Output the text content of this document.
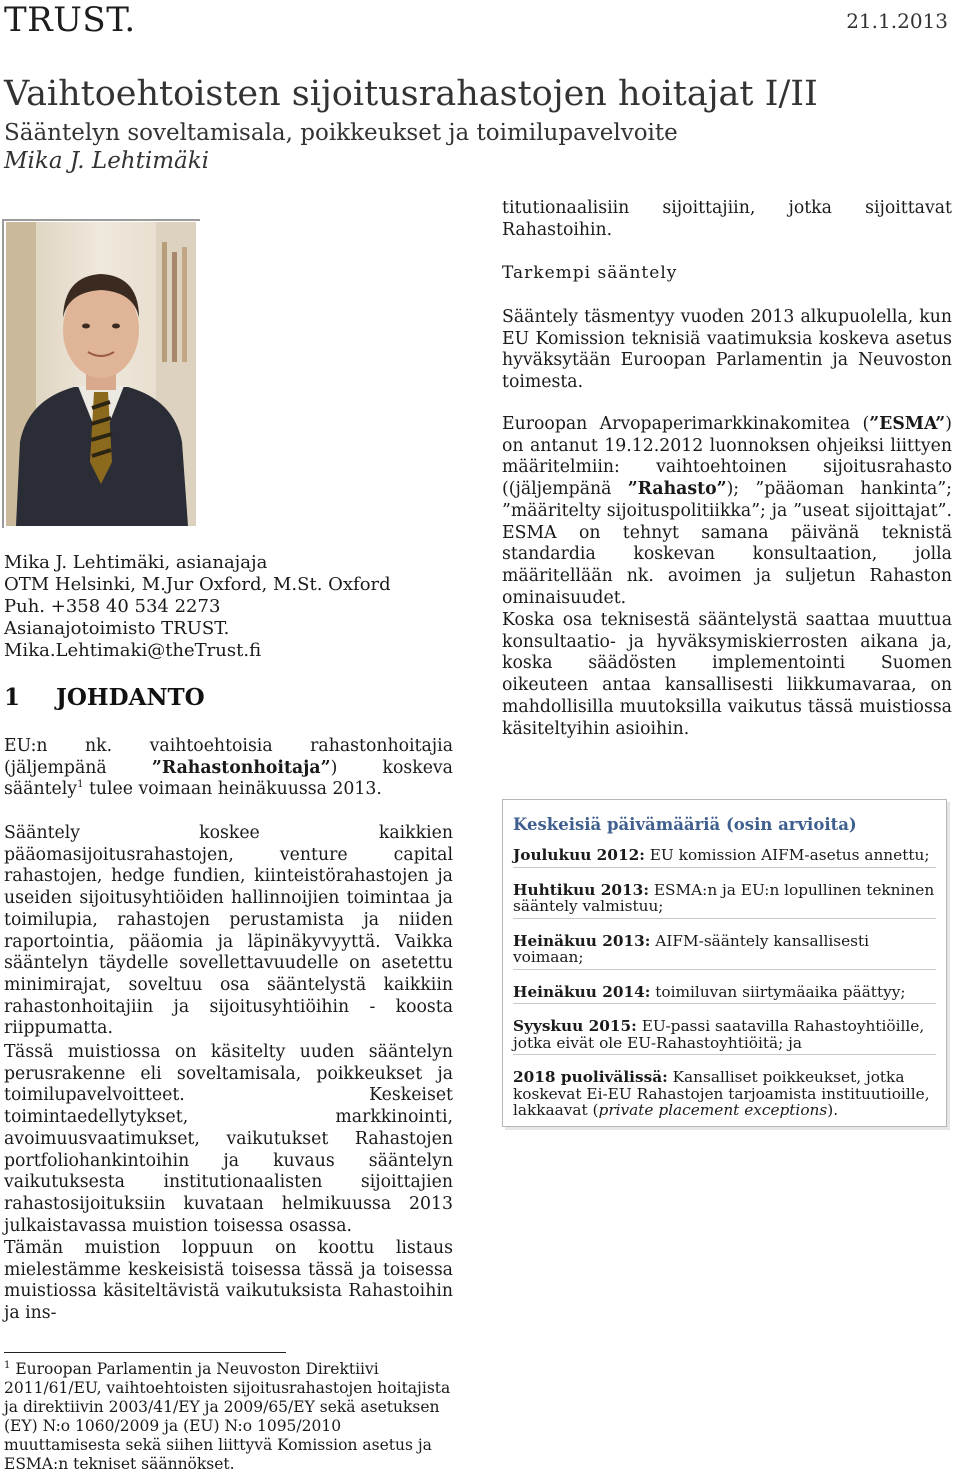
TRUST.	21.1.2013
Vaihtoehtoisten sijoitusrahastojen hoitajat I/II
Sääntelyn soveltamisala, poikkeukset ja toimilupavelvoite
Mika J. Lehtimäki
Mika J. Lehtimäki, asianajaja
OTM Helsinki, M.Jur Oxford, M.St. Oxford
Puh. +358 40 534 2273
Asianajotoimisto TRUST.
Mika.Lehtimaki@theTrust.fi
1 JOHDANTO

EU:n nk. vaihtoehtoisia rahastonhoitajia (jäljempänä ”Rahastonhoitaja”) koskeva sääntely$^1$ tulee voimaan heinäkuussa 2013.

Sääntely koskee kaikkien pääomasijoitusrahastojen, venture capital rahastojen, hedge fundien, kiinteistörahastojen ja useiden sijoitusyhtiöiden hallinnoijien toimintaa ja toimilupia, rahastojen perustamista ja niiden raportointia, pääomia ja läpinäkyvyyttä. Vaikka sääntelyn täydelle sovellettavuudelle on asetettu minimirajat, soveltuu osa sääntelystä kaikkiin rahastonhoitajiin ja sijoitusyhtiöihin - koosta riippumatta.

Tässä muistiossa on käsitelty uuden sääntelyn perusrakenne eli soveltamisala, poikkeukset ja toimilupavelvoitteet. Keskeiset toimintaedellytykset, markkinointi, avoimuusvaatimukset, vaikutukset Rahastojen portfoliohankintoihin ja kuvaus sääntelyn vaikutuksesta institutionaalisten sijoittajien rahastosijoituksiin kuvataan helmikuussa 2013 julkaistavassa muistion toisessa osassa.

Tämän muistion loppuun on koottu listaus mielestämme keskeisistä toisessa tässä ja toisessa muistiossa käsiteltävistä vaikutuksista Rahastoihin ja ins-

$^1$ Euroopan Parlamentin ja Neuvoston Direktiivi 2011/61/EU, vaihtoehtoisten sijoitusrahastojen hoitajista ja direktiivin 2003/41/EY ja 2009/65/EY sekä asetuksen (EY) N:o 1060/2009 ja (EU) N:o 1095/2010 muuttamisesta sekä siihen liittyvä Komission asetus ja ESMA:n tekniset säännökset.

titutionaalisiin sijoittajiin, jotka sijoittavat Rahastoihin.

Tarkempi sääntely

Sääntely täsmentyy vuoden 2013 alkupuolella, kun EU Komission teknisiä vaatimuksia koskeva asetus hyväksytään Euroopan Parlamentin ja Neuvoston toimesta.

Euroopan Arvopaperimarkkinakomitea (”ESMA”) on antanut 19.12.2012 luonnoksen ohjeiksi liittyen määritelmiin: vaihtoehtoinen sijoitusrahasto ((jäljempänä ”Rahasto”); ”pääoman hankinta”; ”määritelty sijoituspolitiikka”; ja ”useat sijoittajat”. ESMA on tehnyt samana päivänä teknistä standardia koskevan konsultaation, jolla määritellään nk. avoimen ja suljetun Rahaston ominaisuudet.

Koska osa teknisestä sääntelystä saattaa muuttua konsultaatio- ja hyväksymiskierrosten aikana ja, koska säädösten implementointi Suomen oikeuteen antaa kansallisesti liikkumavaraa, on mahdollisilla muutoksilla vaikutus tässä muistiossa käsiteltyihin asioihin.

Keskeisiä päivämääriä (osin arvioita)
Joulukuu 2012: EU komission AIFM-asetus annettu;
Huhtikuu 2013: ESMA:n ja EU:n lopullinen tekninen sääntely valmistuu;
Heinäkuu 2013: AIFM-sääntely kansallisesti voimaan;
Heinäkuu 2014: toimiluvan siirtymäaika päättyy;
Syyskuu 2015: EU-passi saatavilla Rahastoyhtiöille, jotka eivät ole EU-Rahastoyhtiöitä; ja
2018 puolivälissä: Kansalliset poikkeukset, jotka koskevat Ei-EU Rahastojen tarjoamista instituutioille, lakkaavat (private placement exceptions).
